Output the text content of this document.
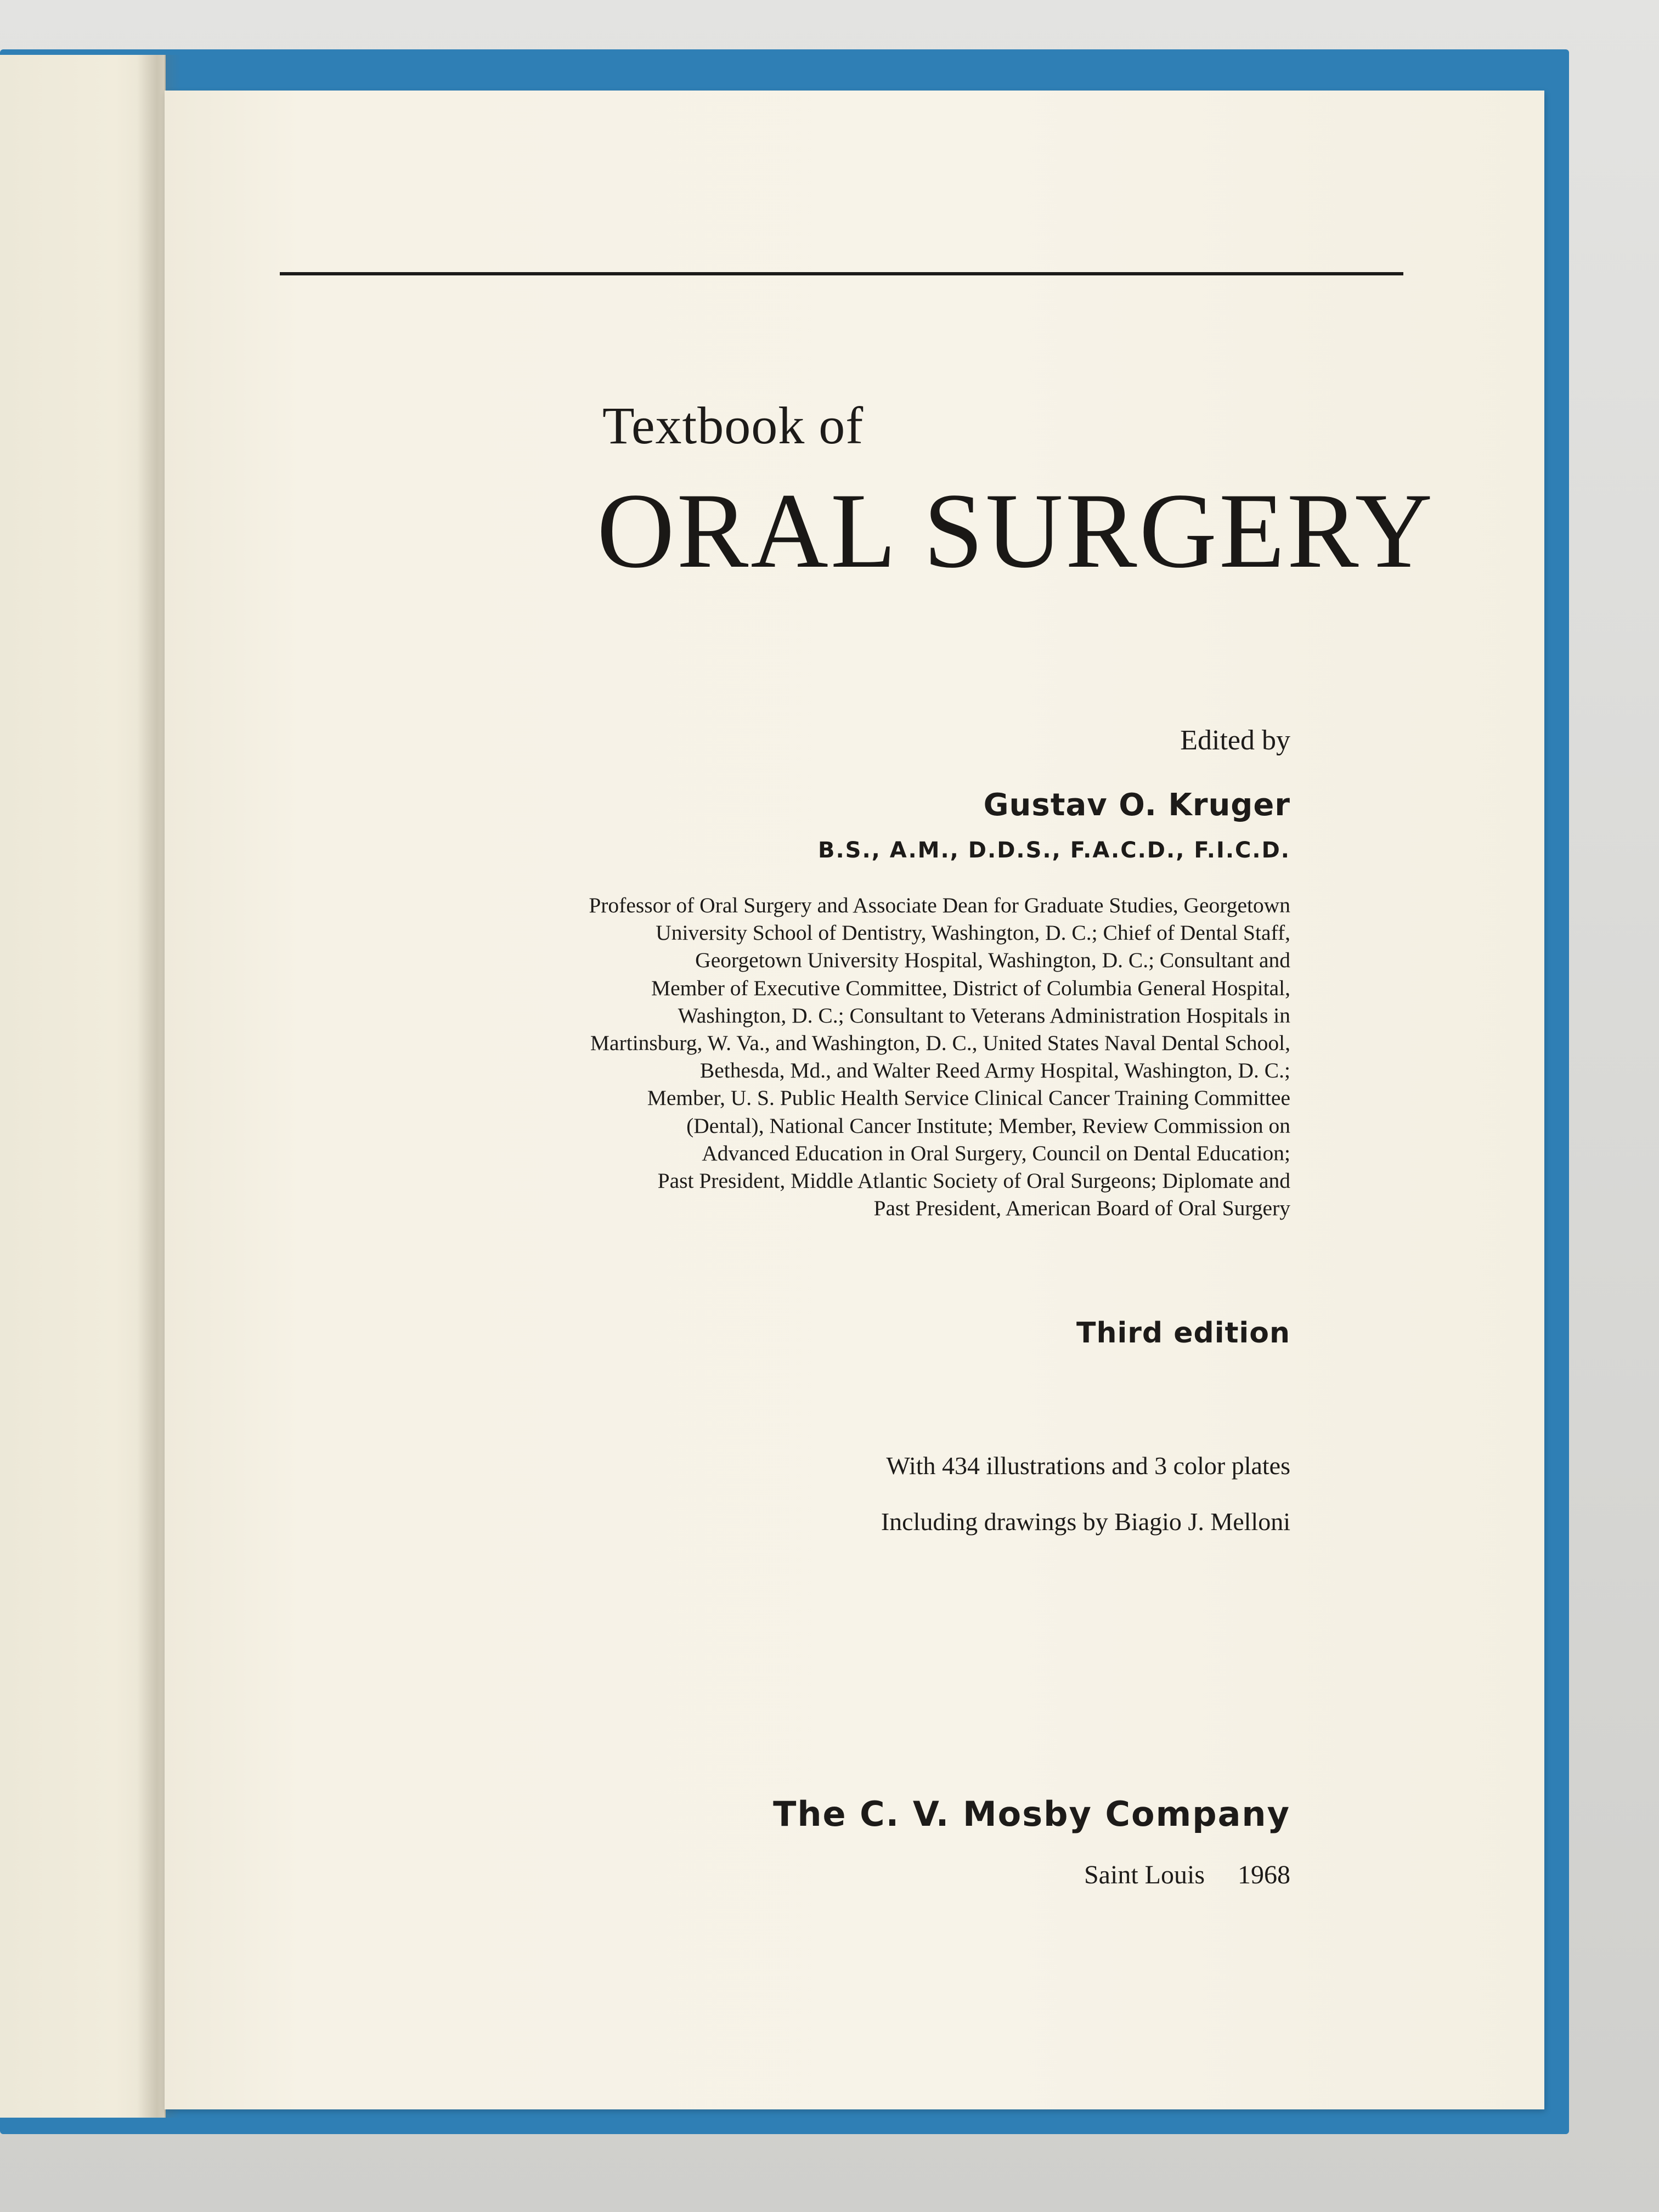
Textbook of
ORAL SURGERY
Edited by
Gustav O. Kruger
B.S., A.M., D.D.S., F.A.C.D., F.I.C.D.
Professor of Oral Surgery and Associate Dean for Graduate Studies, Georgetown
University School of Dentistry, Washington, D. C.; Chief of Dental Staff,
Georgetown University Hospital, Washington, D. C.; Consultant and
Member of Executive Committee, District of Columbia General Hospital,
Washington, D. C.; Consultant to Veterans Administration Hospitals in
Martinsburg, W. Va., and Washington, D. C., United States Naval Dental School,
Bethesda, Md., and Walter Reed Army Hospital, Washington, D. C.;
Member, U. S. Public Health Service Clinical Cancer Training Committee
(Dental), National Cancer Institute; Member, Review Commission on
Advanced Education in Oral Surgery, Council on Dental Education;
Past President, Middle Atlantic Society of Oral Surgeons; Diplomate and
Past President, American Board of Oral Surgery
Third edition
With 434 illustrations and 3 color plates
Including drawings by Biagio J. Melloni
The C. V. Mosby Company
Saint Louis 1968
